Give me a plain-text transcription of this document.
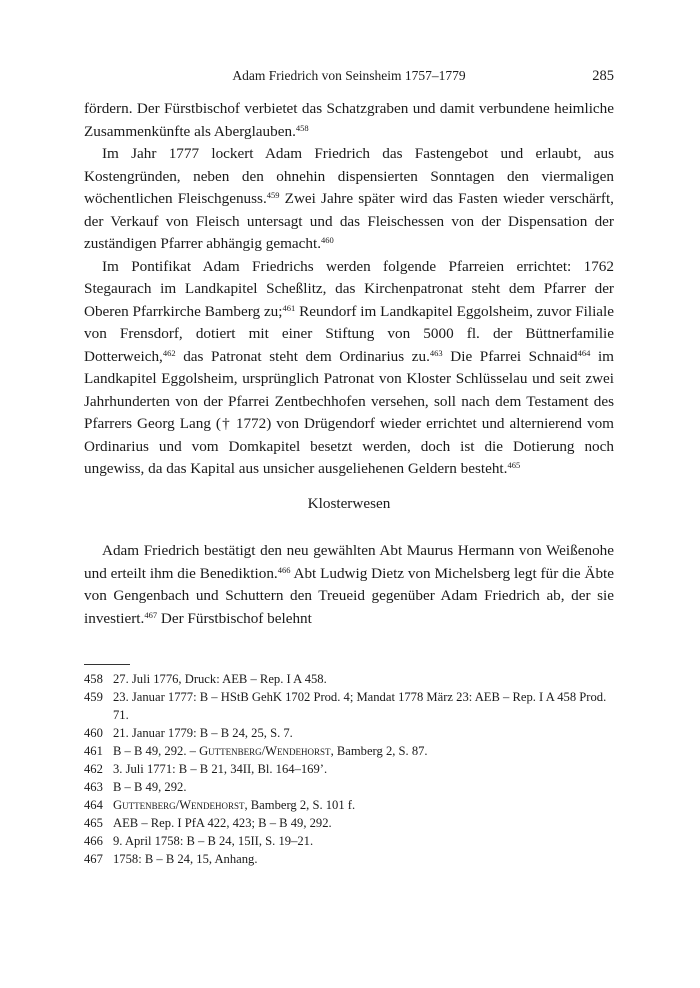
Adam Friedrich von Seinsheim 1757–1779	285

fördern. Der Fürstbischof verbietet das Schatzgraben und damit verbundene heimliche Zusammenkünfte als Aberglauben.$^{458}$

Im Jahr 1777 lockert Adam Friedrich das Fastengebot und erlaubt, aus Kostengründen, neben den ohnehin dispensierten Sonntagen den viermaligen wöchentlichen Fleischgenuss.$^{459}$ Zwei Jahre später wird das Fasten wieder verschärft, der Verkauf von Fleisch untersagt und das Fleischessen von der Dispensation der zuständigen Pfarrer abhängig gemacht.$^{460}$

Im Pontifikat Adam Friedrichs werden folgende Pfarreien errichtet: 1762 Stegaurach im Landkapitel Scheßlitz, das Kirchenpatronat steht dem Pfarrer der Oberen Pfarrkirche Bamberg zu;$^{461}$ Reundorf im Landkapitel Eggolsheim, zuvor Filiale von Frensdorf, dotiert mit einer Stiftung von 5000 fl. der Büttnerfamilie Dotterweich,$^{462}$ das Patronat steht dem Ordinarius zu.$^{463}$ Die Pfarrei Schnaid$^{464}$ im Landkapitel Eggolsheim, ursprünglich Patronat von Kloster Schlüsselau und seit zwei Jahrhunderten von der Pfarrei Zentbechhofen versehen, soll nach dem Testament des Pfarrers Georg Lang († 1772) von Drügendorf wieder errichtet und alternierend vom Ordinarius und vom Domkapitel besetzt werden, doch ist die Dotierung noch ungewiss, da das Kapital aus unsicher ausgeliehenen Geldern besteht.$^{465}$

Klosterwesen

Adam Friedrich bestätigt den neu gewählten Abt Maurus Hermann von Weißenohe und erteilt ihm die Benediktion.$^{466}$ Abt Ludwig Dietz von Michelsberg legt für die Äbte von Gengenbach und Schuttern den Treueid gegenüber Adam Friedrich ab, der sie investiert.$^{467}$ Der Fürstbischof belehnt

458 27. Juli 1776, Druck: AEB – Rep. I A 458.
459 23. Januar 1777: B – HStB GehK 1702 Prod. 4; Mandat 1778 März 23: AEB – Rep. I A 458 Prod. 71.
460 21. Januar 1779: B – B 24, 25, S. 7.
461 B – B 49, 292. – Guttenberg/Wendehorst, Bamberg 2, S. 87.
462 3. Juli 1771: B – B 21, 34II, Bl. 164–169’.
463 B – B 49, 292.
464 Guttenberg/Wendehorst, Bamberg 2, S. 101 f.
465 AEB – Rep. I PfA 422, 423; B – B 49, 292.
466 9. April 1758: B – B 24, 15II, S. 19–21.
467 1758: B – B 24, 15, Anhang.
